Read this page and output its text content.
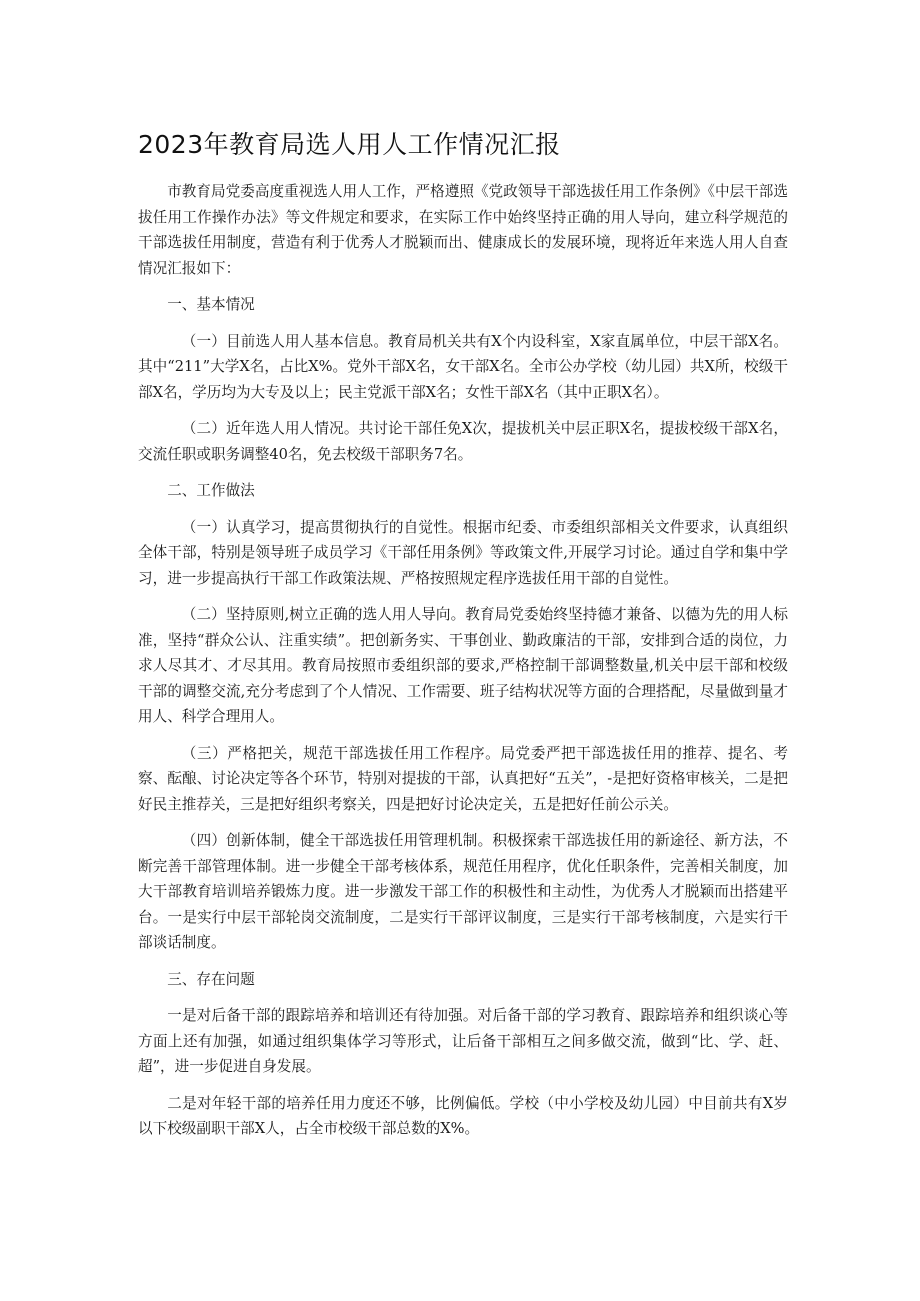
2023年教育局选人用人工作情况汇报

市教育局党委高度重视选人用人工作，严格遵照《党政领导干部选拔任用工作条例》《中层干部选拔任用工作操作办法》等文件规定和要求，在实际工作中始终坚持正确的用人导向，建立科学规范的干部选拔任用制度，营造有利于优秀人才脱颖而出、健康成长的发展环境，现将近年来选人用人自查情况汇报如下：

一、基本情况

（一）目前选人用人基本信息。教育局机关共有X个内设科室，X家直属单位，中层干部X名。其中“211”大学X名，占比X%。党外干部X名，女干部X名。全市公办学校（幼儿园）共X所，校级干部X名，学历均为大专及以上；民主党派干部X名；女性干部X名（其中正职X名）。

（二）近年选人用人情况。共讨论干部任免X次，提拔机关中层正职X名，提拔校级干部X名，交流任职或职务调整40名，免去校级干部职务7名。

二、工作做法

（一）认真学习，提高贯彻执行的自觉性。根据市纪委、市委组织部相关文件要求，认真组织全体干部，特别是领导班子成员学习《干部任用条例》等政策文件,开展学习讨论。通过自学和集中学习，进一步提高执行干部工作政策法规、严格按照规定程序选拔任用干部的自觉性。

（二）坚持原则,树立正确的选人用人导向。教育局党委始终坚持德才兼备、以德为先的用人标准，坚持“群众公认、注重实绩”。把创新务实、干事创业、勤政廉洁的干部，安排到合适的岗位，力求人尽其才、才尽其用。教育局按照市委组织部的要求,严格控制干部调整数量,机关中层干部和校级干部的调整交流,充分考虑到了个人情况、工作需要、班子结构状况等方面的合理搭配，尽量做到量才用人、科学合理用人。

（三）严格把关，规范干部选拔任用工作程序。局党委严把干部选拔任用的推荐、提名、考察、酝酿、讨论决定等各个环节，特别对提拔的干部，认真把好“五关”，-是把好资格审核关，二是把好民主推荐关，三是把好组织考察关，四是把好讨论决定关，五是把好任前公示关。

（四）创新体制，健全干部选拔任用管理机制。积极探索干部选拔任用的新途径、新方法，不断完善干部管理体制。进一步健全干部考核体系，规范任用程序，优化任职条件，完善相关制度，加大干部教育培训培养锻炼力度。进一步激发干部工作的积极性和主动性，为优秀人才脱颖而出搭建平台。一是实行中层干部轮岗交流制度，二是实行干部评议制度，三是实行干部考核制度，六是实行干部谈话制度。

三、存在问题

一是对后备干部的跟踪培养和培训还有待加强。对后备干部的学习教育、跟踪培养和组织谈心等方面上还有加强，如通过组织集体学习等形式，让后备干部相互之间多做交流，做到“比、学、赶、超”，进一步促进自身发展。

二是对年轻干部的培养任用力度还不够，比例偏低。学校（中小学校及幼儿园）中目前共有X岁以下校级副职干部X人，占全市校级干部总数的X%。
